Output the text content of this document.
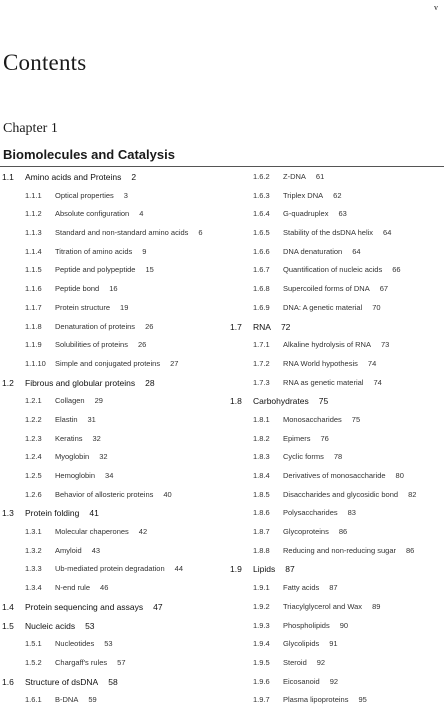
v
Contents
Chapter 1
Biomolecules and Catalysis
1.1 Amino acids and Proteins 2
1.1.1 Optical properties 3
1.1.2 Absolute configuration 4
1.1.3 Standard and non-standard amino acids 6
1.1.4 Titration of amino acids 9
1.1.5 Peptide and polypeptide 15
1.1.6 Peptide bond 16
1.1.7 Protein structure 19
1.1.8 Denaturation of proteins 26
1.1.9 Solubilities of proteins 26
1.1.10 Simple and conjugated proteins 27
1.2 Fibrous and globular proteins 28
1.2.1 Collagen 29
1.2.2 Elastin 31
1.2.3 Keratins 32
1.2.4 Myoglobin 32
1.2.5 Hemoglobin 34
1.2.6 Behavior of allosteric proteins 40
1.3 Protein folding 41
1.3.1 Molecular chaperones 42
1.3.2 Amyloid 43
1.3.3 Ub-mediated protein degradation 44
1.3.4 N-end rule 46
1.4 Protein sequencing and assays 47
1.5 Nucleic acids 53
1.5.1 Nucleotides 53
1.5.2 Chargaff's rules 57
1.6 Structure of dsDNA 58
1.6.1 B-DNA 59
1.6.2 Z-DNA 61
1.6.3 Triplex DNA 62
1.6.4 G-quadruplex 63
1.6.5 Stability of the dsDNA helix 64
1.6.6 DNA denaturation 64
1.6.7 Quantification of nucleic acids 66
1.6.8 Supercoiled forms of DNA 67
1.6.9 DNA: A genetic material 70
1.7 RNA 72
1.7.1 Alkaline hydrolysis of RNA 73
1.7.2 RNA World hypothesis 74
1.7.3 RNA as genetic material 74
1.8 Carbohydrates 75
1.8.1 Monosaccharides 75
1.8.2 Epimers 76
1.8.3 Cyclic forms 78
1.8.4 Derivatives of monosaccharide 80
1.8.5 Disaccharides and glycosidic bond 82
1.8.6 Polysaccharides 83
1.8.7 Glycoproteins 86
1.8.8 Reducing and non-reducing sugar 86
1.9 Lipids 87
1.9.1 Fatty acids 87
1.9.2 Triacylglycerol and Wax 89
1.9.3 Phospholipids 90
1.9.4 Glycolipids 91
1.9.5 Steroid 92
1.9.6 Eicosanoid 92
1.9.7 Plasma lipoproteins 95
